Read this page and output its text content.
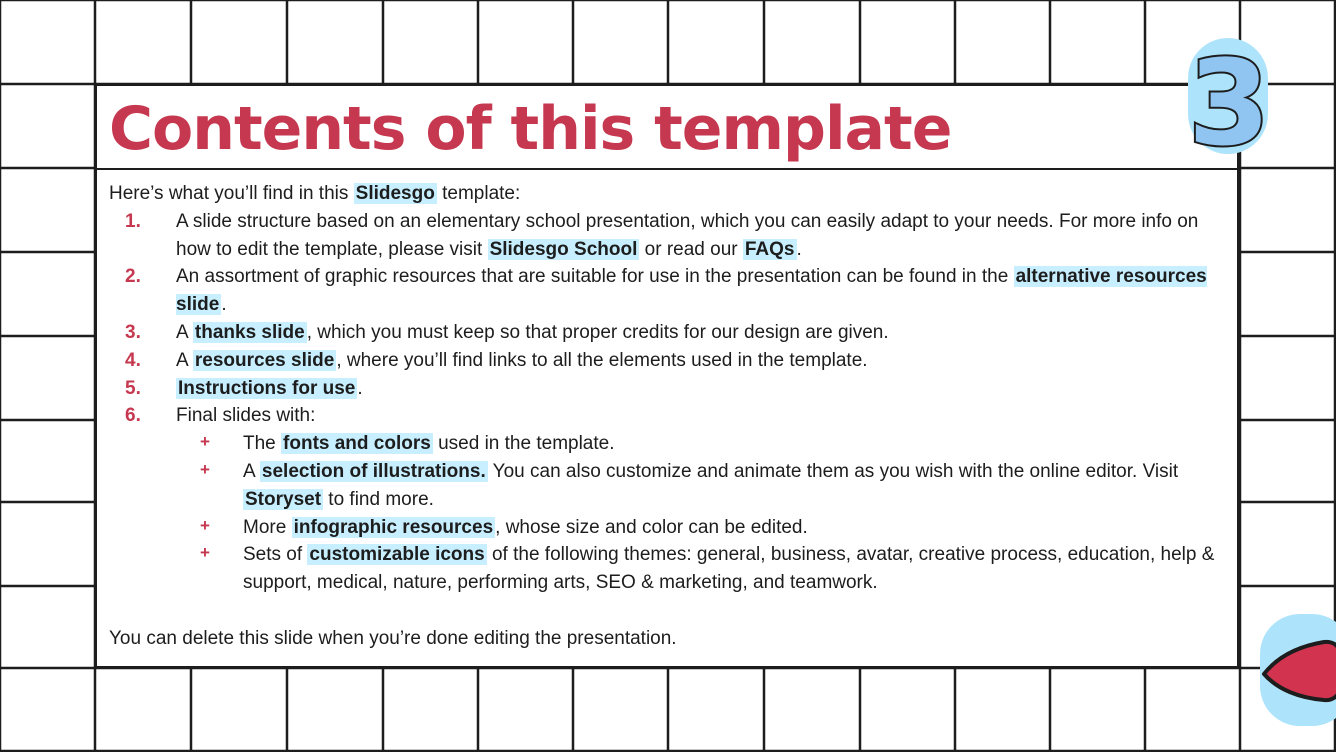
Contents of this template

Here’s what you’ll find in this Slidesgo template:

1. A slide structure based on an elementary school presentation, which you can easily adapt to your needs. For more info on how to edit the template, please visit Slidesgo School or read our FAQs .
2. An assortment of graphic resources that are suitable for use in the presentation can be found in the alternative resources slide .
3. A thanks slide , which you must keep so that proper credits for our design are given.
4. A resources slide , where you’ll find links to all the elements used in the template.
5. Instructions for use .
6. Final slides with:
+ The fonts and colors used in the template.
+ A selection of illustrations. You can also customize and animate them as you wish with the online editor. Visit Storyset to find more.
+ More infographic resources , whose size and color can be edited.
+ Sets of customizable icons of the following themes: general, business, avatar, creative process, education, help & support, medical, nature, performing arts, SEO & marketing, and teamwork.

You can delete this slide when you’re done editing the presentation.

3
